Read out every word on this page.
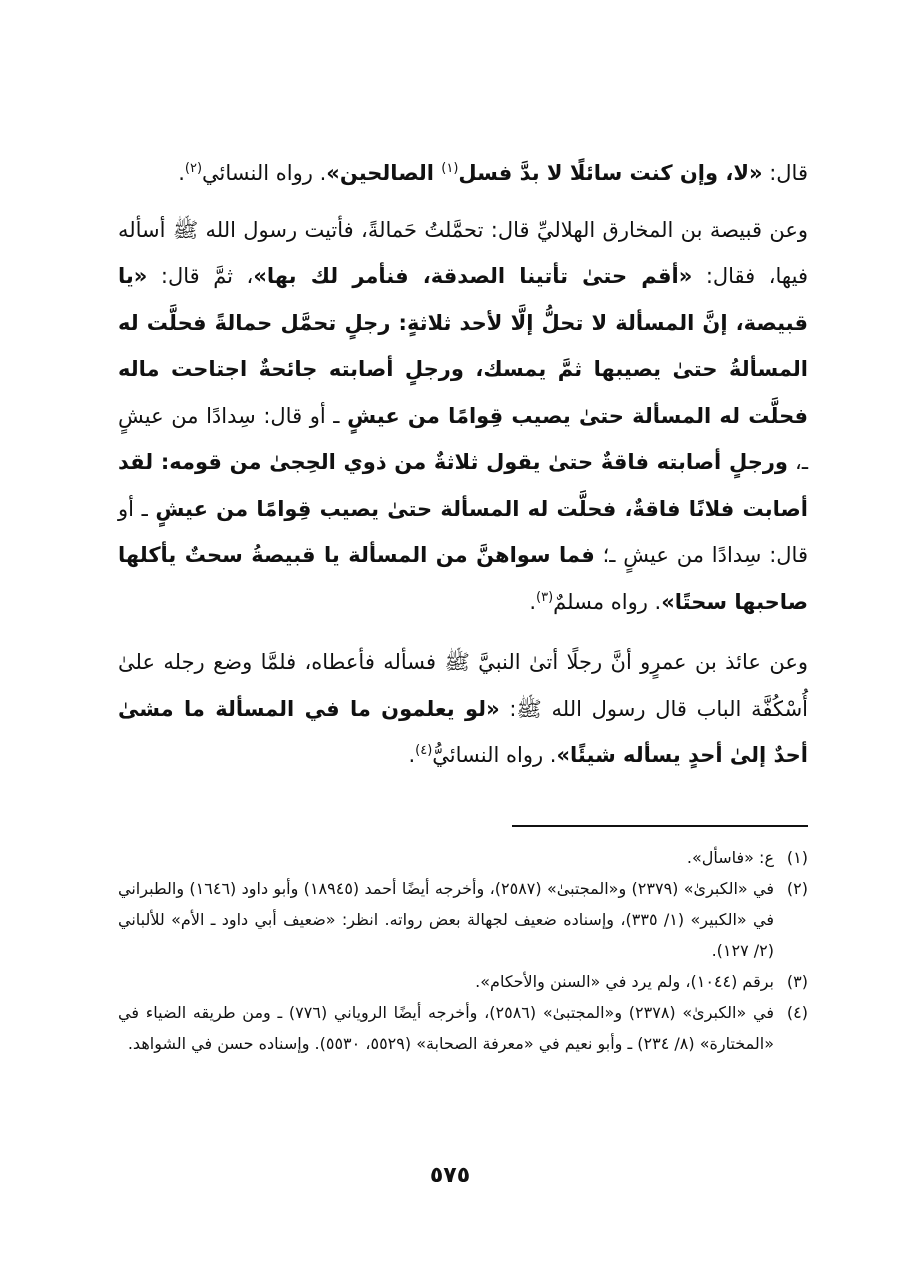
قال: «لا، وإن كنت سائلًا لا بدَّ فسل$^{(١)}$ الصالحين». رواه النسائي$^{(٢)}$.

وعن قبيصة بن المخارق الهلاليِّ قال: تحمَّلتُ حَمالةً، فأتيت رسول الله ﷺ أسأله فيها، فقال: «أقم حتىٰ تأتينا الصدقة، فنأمر لك بها»، ثمَّ قال: «يا قبيصة، إنَّ المسألة لا تحلُّ إلَّا لأحد ثلاثةٍ: رجلٍ تحمَّل حمالةً فحلَّت له المسألةُ حتىٰ يصيبها ثمَّ يمسك، ورجلٍ أصابته جائحةٌ اجتاحت ماله فحلَّت له المسألة حتىٰ يصيب قِوامًا من عيشٍ ـ أو قال: سِدادًا من عيشٍ ـ، ورجلٍ أصابته فاقةٌ حتىٰ يقول ثلاثةٌ من ذوي الحِجىٰ من قومه: لقد أصابت فلانًا فاقةٌ، فحلَّت له المسألة حتىٰ يصيب قِوامًا من عيشٍ ـ أو قال: سِدادًا من عيشٍ ـ؛ فما سواهنَّ من المسألة يا قبيصةُ سحتٌ يأكلها صاحبها سحتًا». رواه مسلمٌ$^{(٣)}$.

وعن عائذ بن عمرٍو أنَّ رجلًا أتىٰ النبيَّ ﷺ فسأله فأعطاه، فلمَّا وضع رجله علىٰ أُسْكُفَّة الباب قال رسول الله ﷺ: «لو يعلمون ما في المسألة ما مشىٰ أحدٌ إلىٰ أحدٍ يسأله شيئًا». رواه النسائيُّ$^{(٤)}$.

(١)
ع: «فاسأل».
(٢)
في «الكبرىٰ» (٢٣٧٩) و«المجتبىٰ» (٢٥٨٧)، وأخرجه أيضًا أحمد (١٨٩٤٥) وأبو داود (١٦٤٦) والطبراني في «الكبير» (١/ ٣٣٥)، وإسناده ضعيف لجهالة بعض رواته. انظر: «ضعيف أبي داود ـ الأم» للألباني (٢/ ١٢٧).
(٣)
برقم (١٠٤٤)، ولم يرد في «السنن والأحكام».
(٤)
في «الكبرىٰ» (٢٣٧٨) و«المجتبىٰ» (٢٥٨٦)، وأخرجه أيضًا الروياني (٧٧٦) ـ ومن طريقه الضياء في «المختارة» (٨/ ٢٣٤) ـ وأبو نعيم في «معرفة الصحابة» (٥٥٢٩، ٥٥٣٠). وإسناده حسن في الشواهد.
٥٧٥
